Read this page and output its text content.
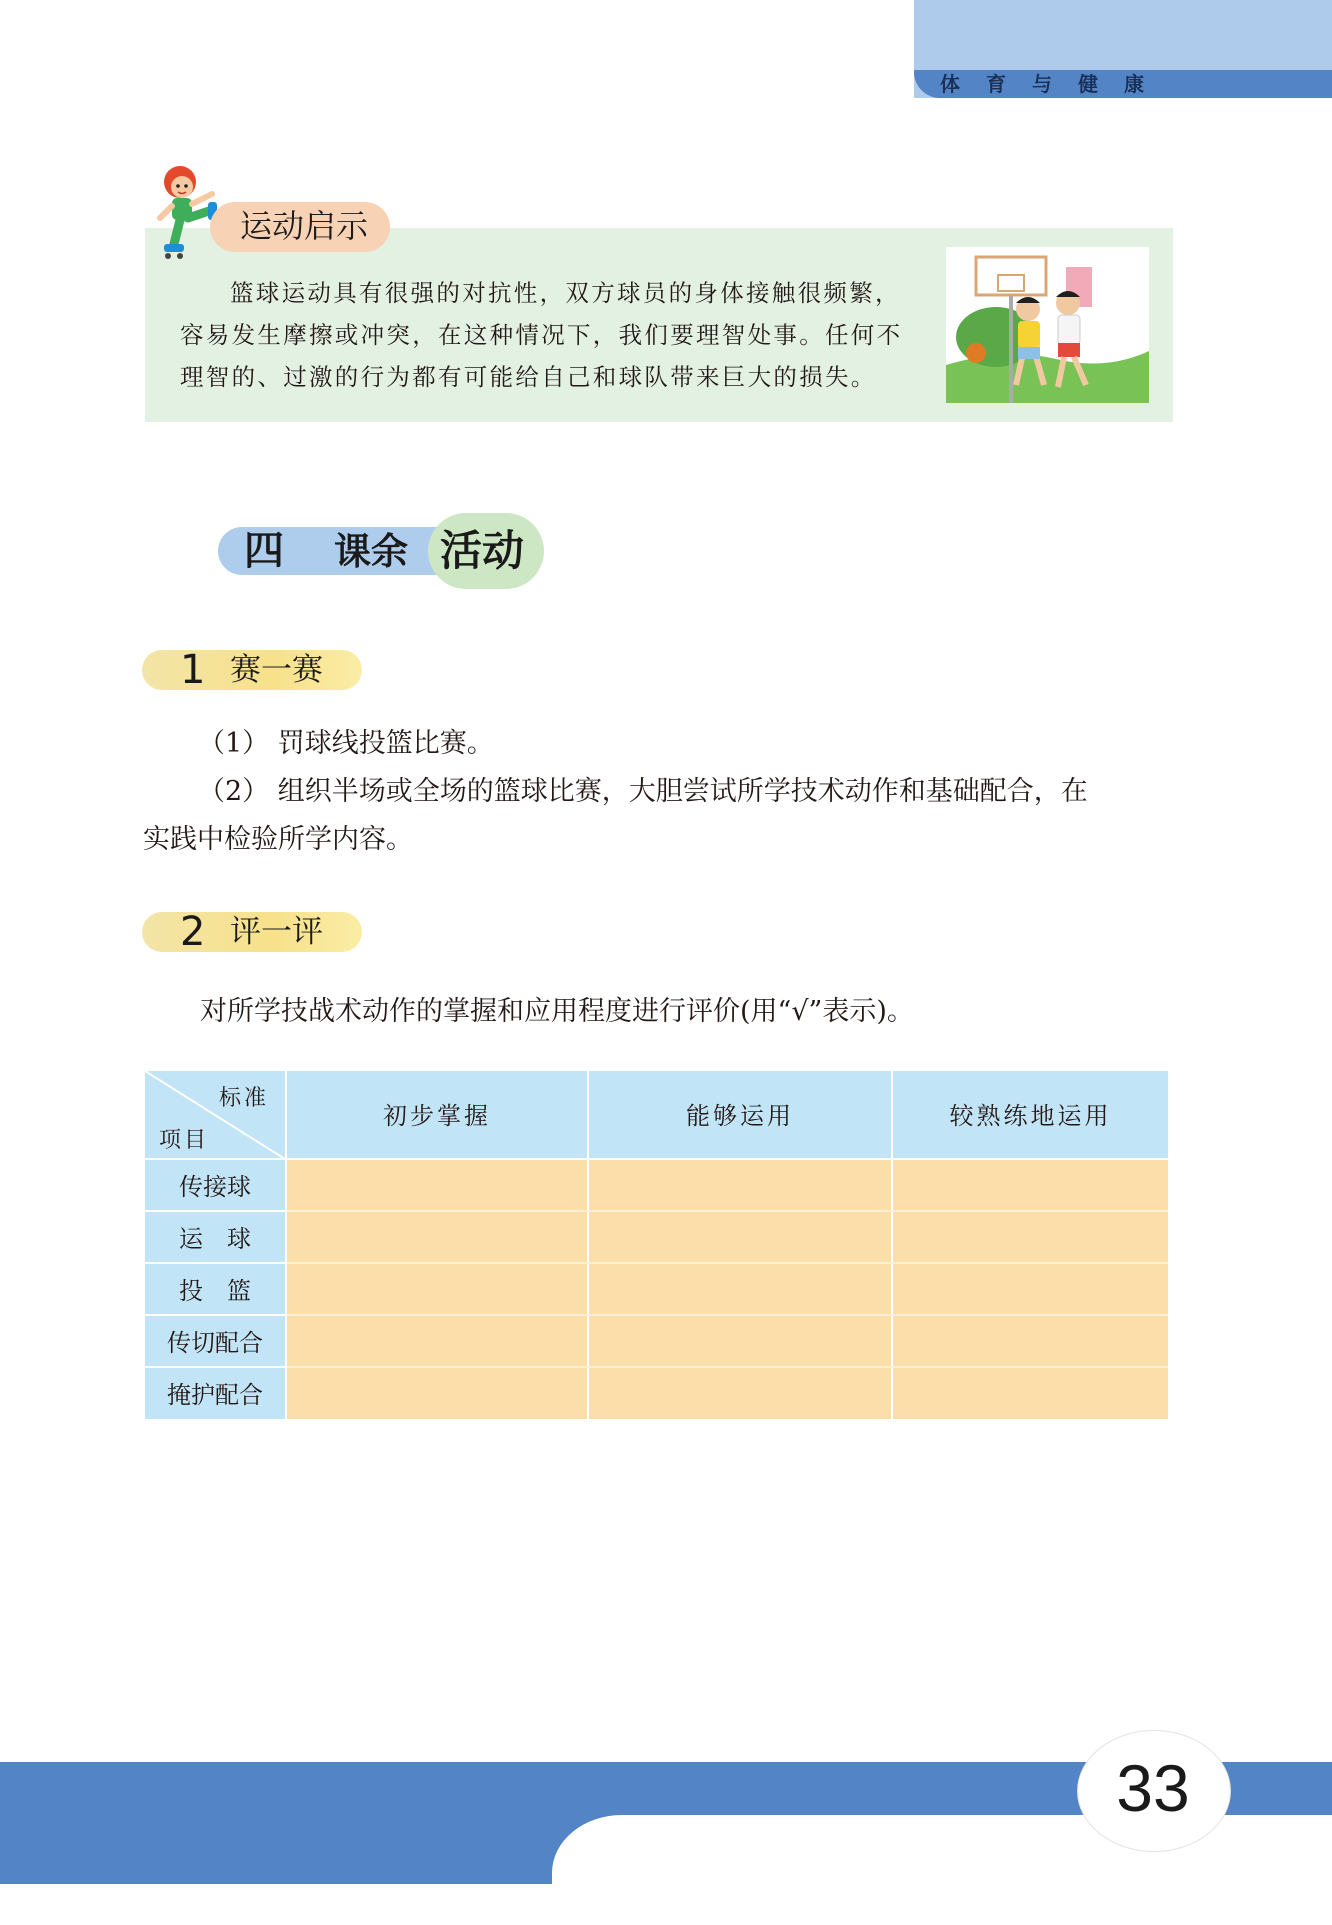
体育与健康
运动启示
篮球运动具有很强的对抗性，双方球员的身体接触很频繁，
容易发生摩擦或冲突，在这种情况下，我们要理智处事。任何不
理智的、过激的行为都有可能给自己和球队带来巨大的损失。
四 课余 活动
1 赛一赛
（1） 罚球线投篮比赛。
（2） 组织半场或全场的篮球比赛，大胆尝试所学技术动作和基础配合，在
实践中检验所学内容。
2 评一评
对所学技战术动作的掌握和应用程度进行评价(用“√”表示)。
标准
项目
初步掌握	能够运用	较熟练地运用
传接球
运　球
投　篮
传切配合
掩护配合
33
